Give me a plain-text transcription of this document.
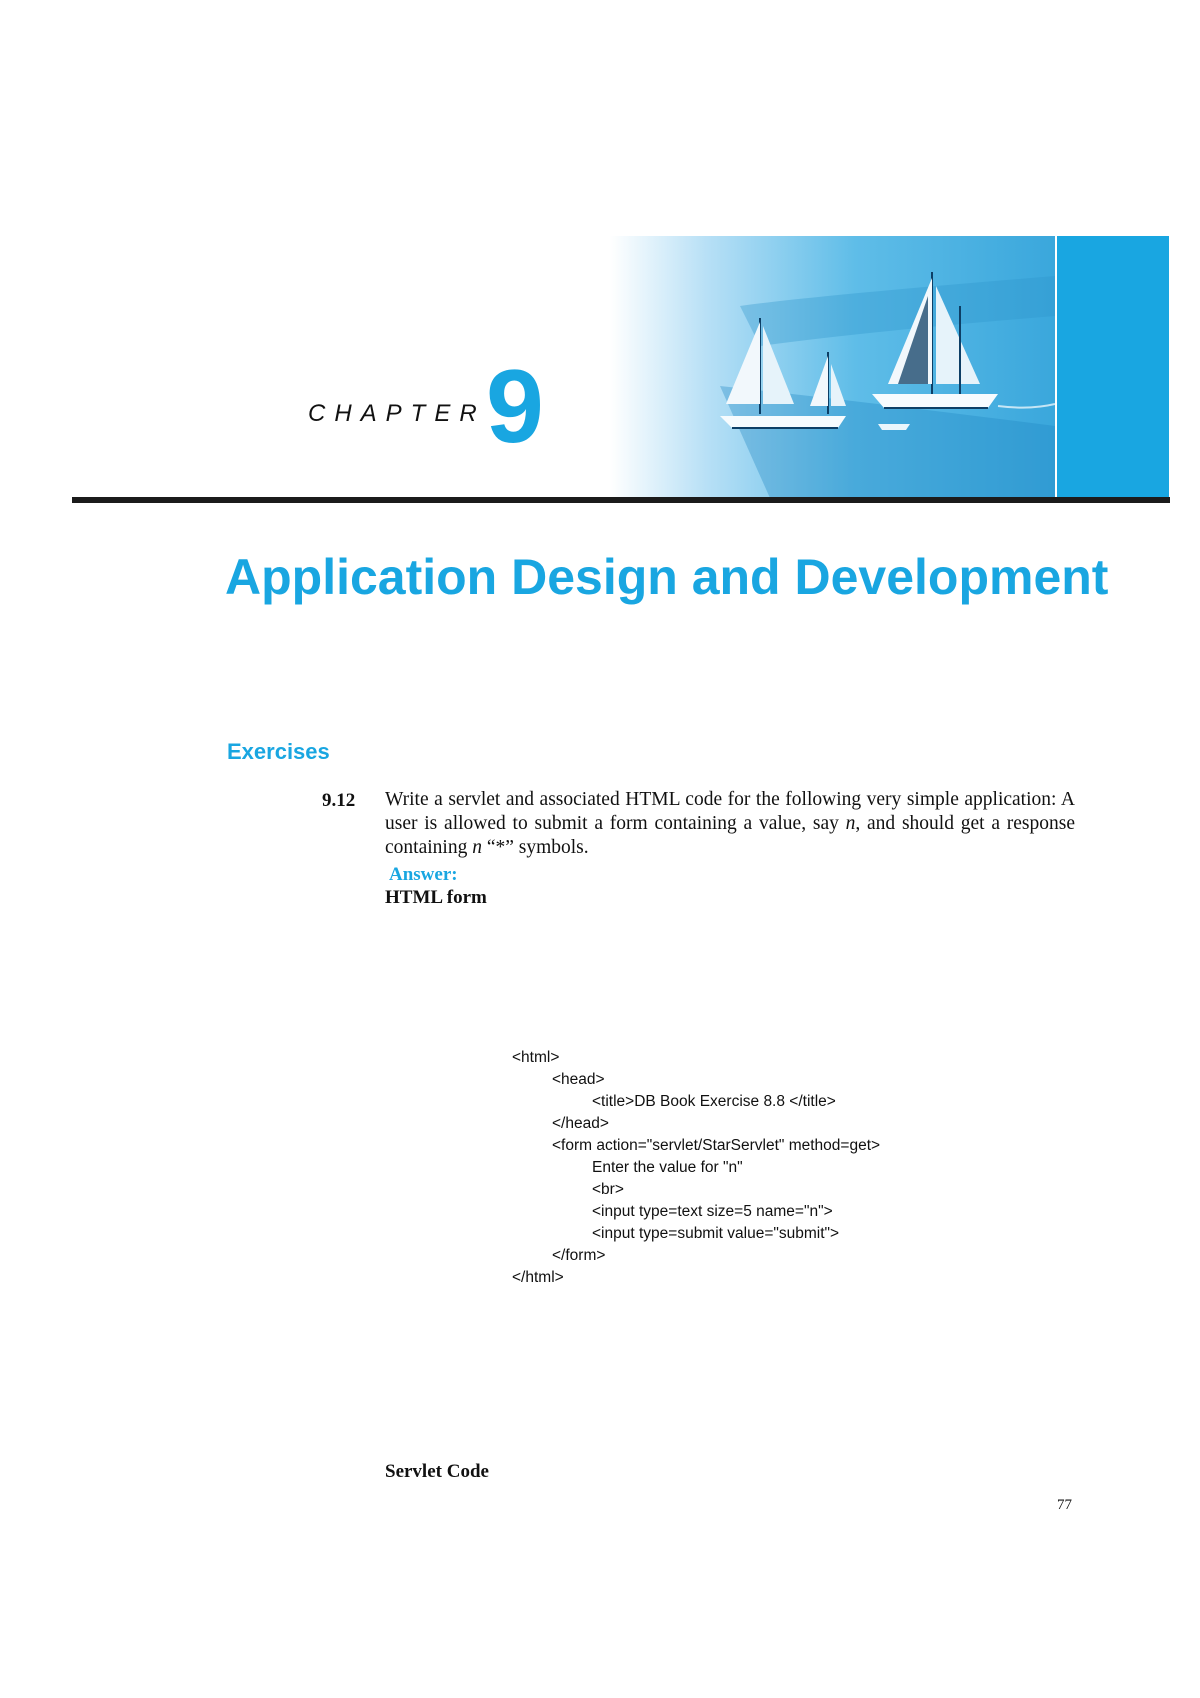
CHAPTER 9
Application Design and Development
Exercises
9.12 Write a servlet and associated HTML code for the following very simple application: A user is allowed to submit a form containing a value, say n, and should get a response containing n “*” symbols.
Answer:
HTML form
<html>
<head>
<title>DB Book Exercise 8.8 </title>
</head>
<form action="servlet/StarServlet" method=get>
Enter the value for "n"
<br>
<input type=text size=5 name="n">
<input type=submit value="submit">
</form>
</html>
Servlet Code
77
